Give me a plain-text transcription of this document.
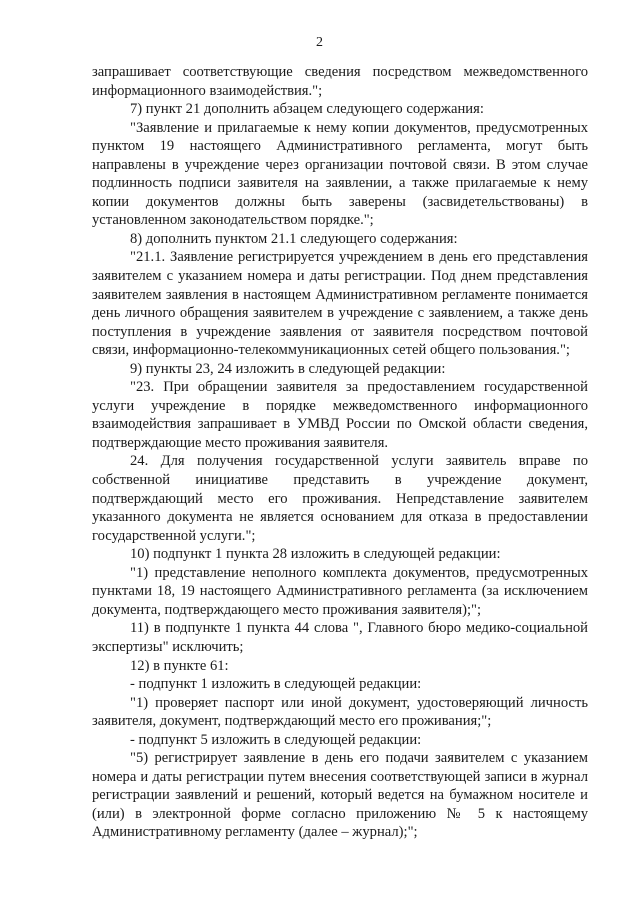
2

запрашивает соответствующие сведения посредством межведомственного информационного взаимодействия.";

7) пункт 21 дополнить абзацем следующего содержания:

"Заявление и прилагаемые к нему копии документов, предусмотренных пунктом 19 настоящего Административного регламента, могут быть направлены в учреждение через организации почтовой связи. В этом случае подлинность подписи заявителя на заявлении, а также прилагаемые к нему копии документов должны быть заверены (засвидетельствованы) в установленном законодательством порядке.";

8) дополнить пунктом 21.1 следующего содержания:

"21.1. Заявление регистрируется учреждением в день его представления заявителем с указанием номера и даты регистрации. Под днем представления заявителем заявления в настоящем Административном регламенте понимается день личного обращения заявителем в учреждение с заявлением, а также день поступления в учреждение заявления от заявителя посредством почтовой связи, информационно-телекоммуникационных сетей общего пользования.";

9) пункты 23, 24 изложить в следующей редакции:

"23. При обращении заявителя за предоставлением государственной услуги учреждение в порядке межведомственного информационного взаимодействия запрашивает в УМВД России по Омской области сведения, подтверждающие место проживания заявителя.

24. Для получения государственной услуги заявитель вправе по собственной инициативе представить в учреждение документ, подтверждающий место его проживания. Непредставление заявителем указанного документа не является основанием для отказа в предоставлении государственной услуги.";

10) подпункт 1 пункта 28 изложить в следующей редакции:

"1) представление неполного комплекта документов, предусмотренных пунктами 18, 19 настоящего Административного регламента (за исключением документа, подтверждающего место проживания заявителя);";

11) в подпункте 1 пункта 44 слова ", Главного бюро медико-социальной экспертизы" исключить;

12) в пункте 61:

- подпункт 1 изложить в следующей редакции:

"1) проверяет паспорт или иной документ, удостоверяющий личность заявителя, документ, подтверждающий место его проживания;";

- подпункт 5 изложить в следующей редакции:

"5) регистрирует заявление в день его подачи заявителем с указанием номера и даты регистрации путем внесения соответствующей записи в журнал регистрации заявлений и решений, который ведется на бумажном носителе и (или) в электронной форме согласно приложению № 5 к настоящему Административному регламенту (далее – журнал);";
